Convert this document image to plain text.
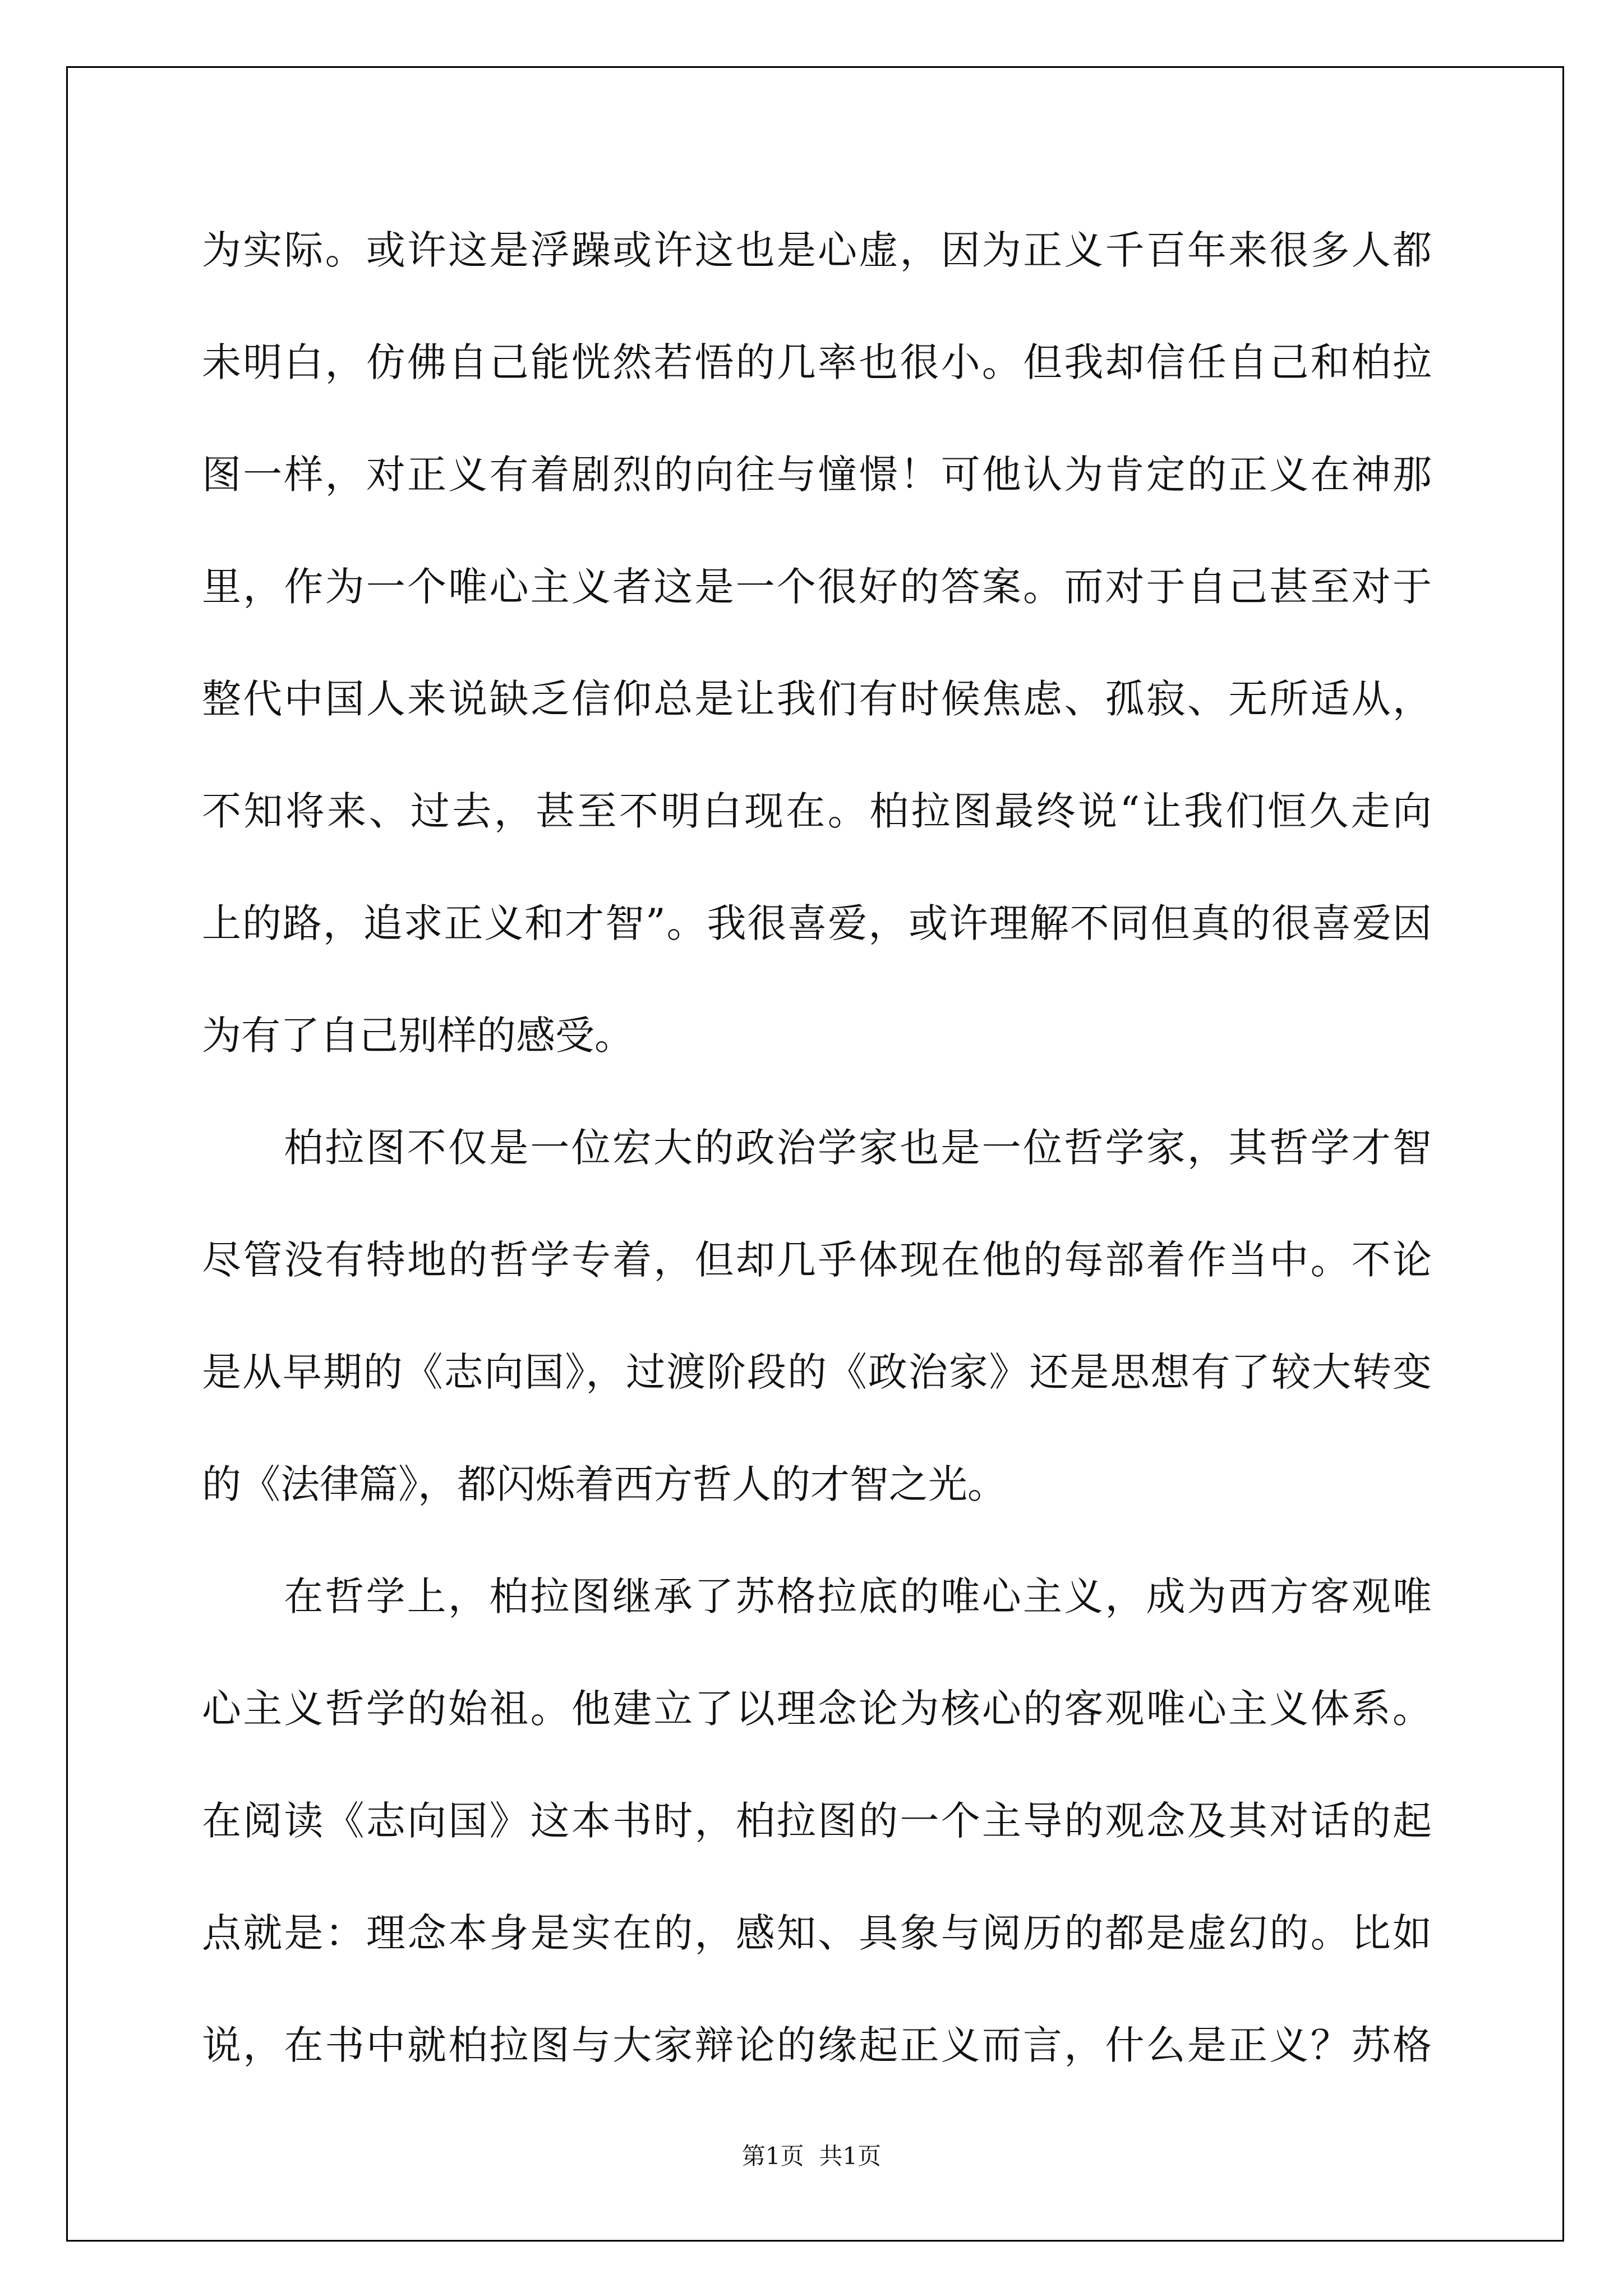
为实际。或许这是浮躁或许这也是心虚，因为正义千百年来很多人都
未明白，仿佛自己能恍然若悟的几率也很小。但我却信任自己和柏拉
图一样，对正义有着剧烈的向往与憧憬！可他认为肯定的正义在神那
里，作为一个唯心主义者这是一个很好的答案。而对于自己甚至对于
整代中国人来说缺乏信仰总是让我们有时候焦虑、孤寂、无所适从，
不知将来、过去，甚至不明白现在。柏拉图最终说“让我们恒久走向
上的路，追求正义和才智”。我很喜爱，或许理解不同但真的很喜爱因
为有了自己别样的感受。
柏拉图不仅是一位宏大的政治学家也是一位哲学家，其哲学才智
尽管没有特地的哲学专着，但却几乎体现在他的每部着作当中。不论
是从早期的《志向国》，过渡阶段的《政治家》还是思想有了较大转变
的《法律篇》，都闪烁着西方哲人的才智之光。
在哲学上，柏拉图继承了苏格拉底的唯心主义，成为西方客观唯
心主义哲学的始祖。他建立了以理念论为核心的客观唯心主义体系。
在阅读《志向国》这本书时，柏拉图的一个主导的观念及其对话的起
点就是：理念本身是实在的，感知、具象与阅历的都是虚幻的。比如
说，在书中就柏拉图与大家辩论的缘起正义而言，什么是正义？苏格
第1页  共1页
